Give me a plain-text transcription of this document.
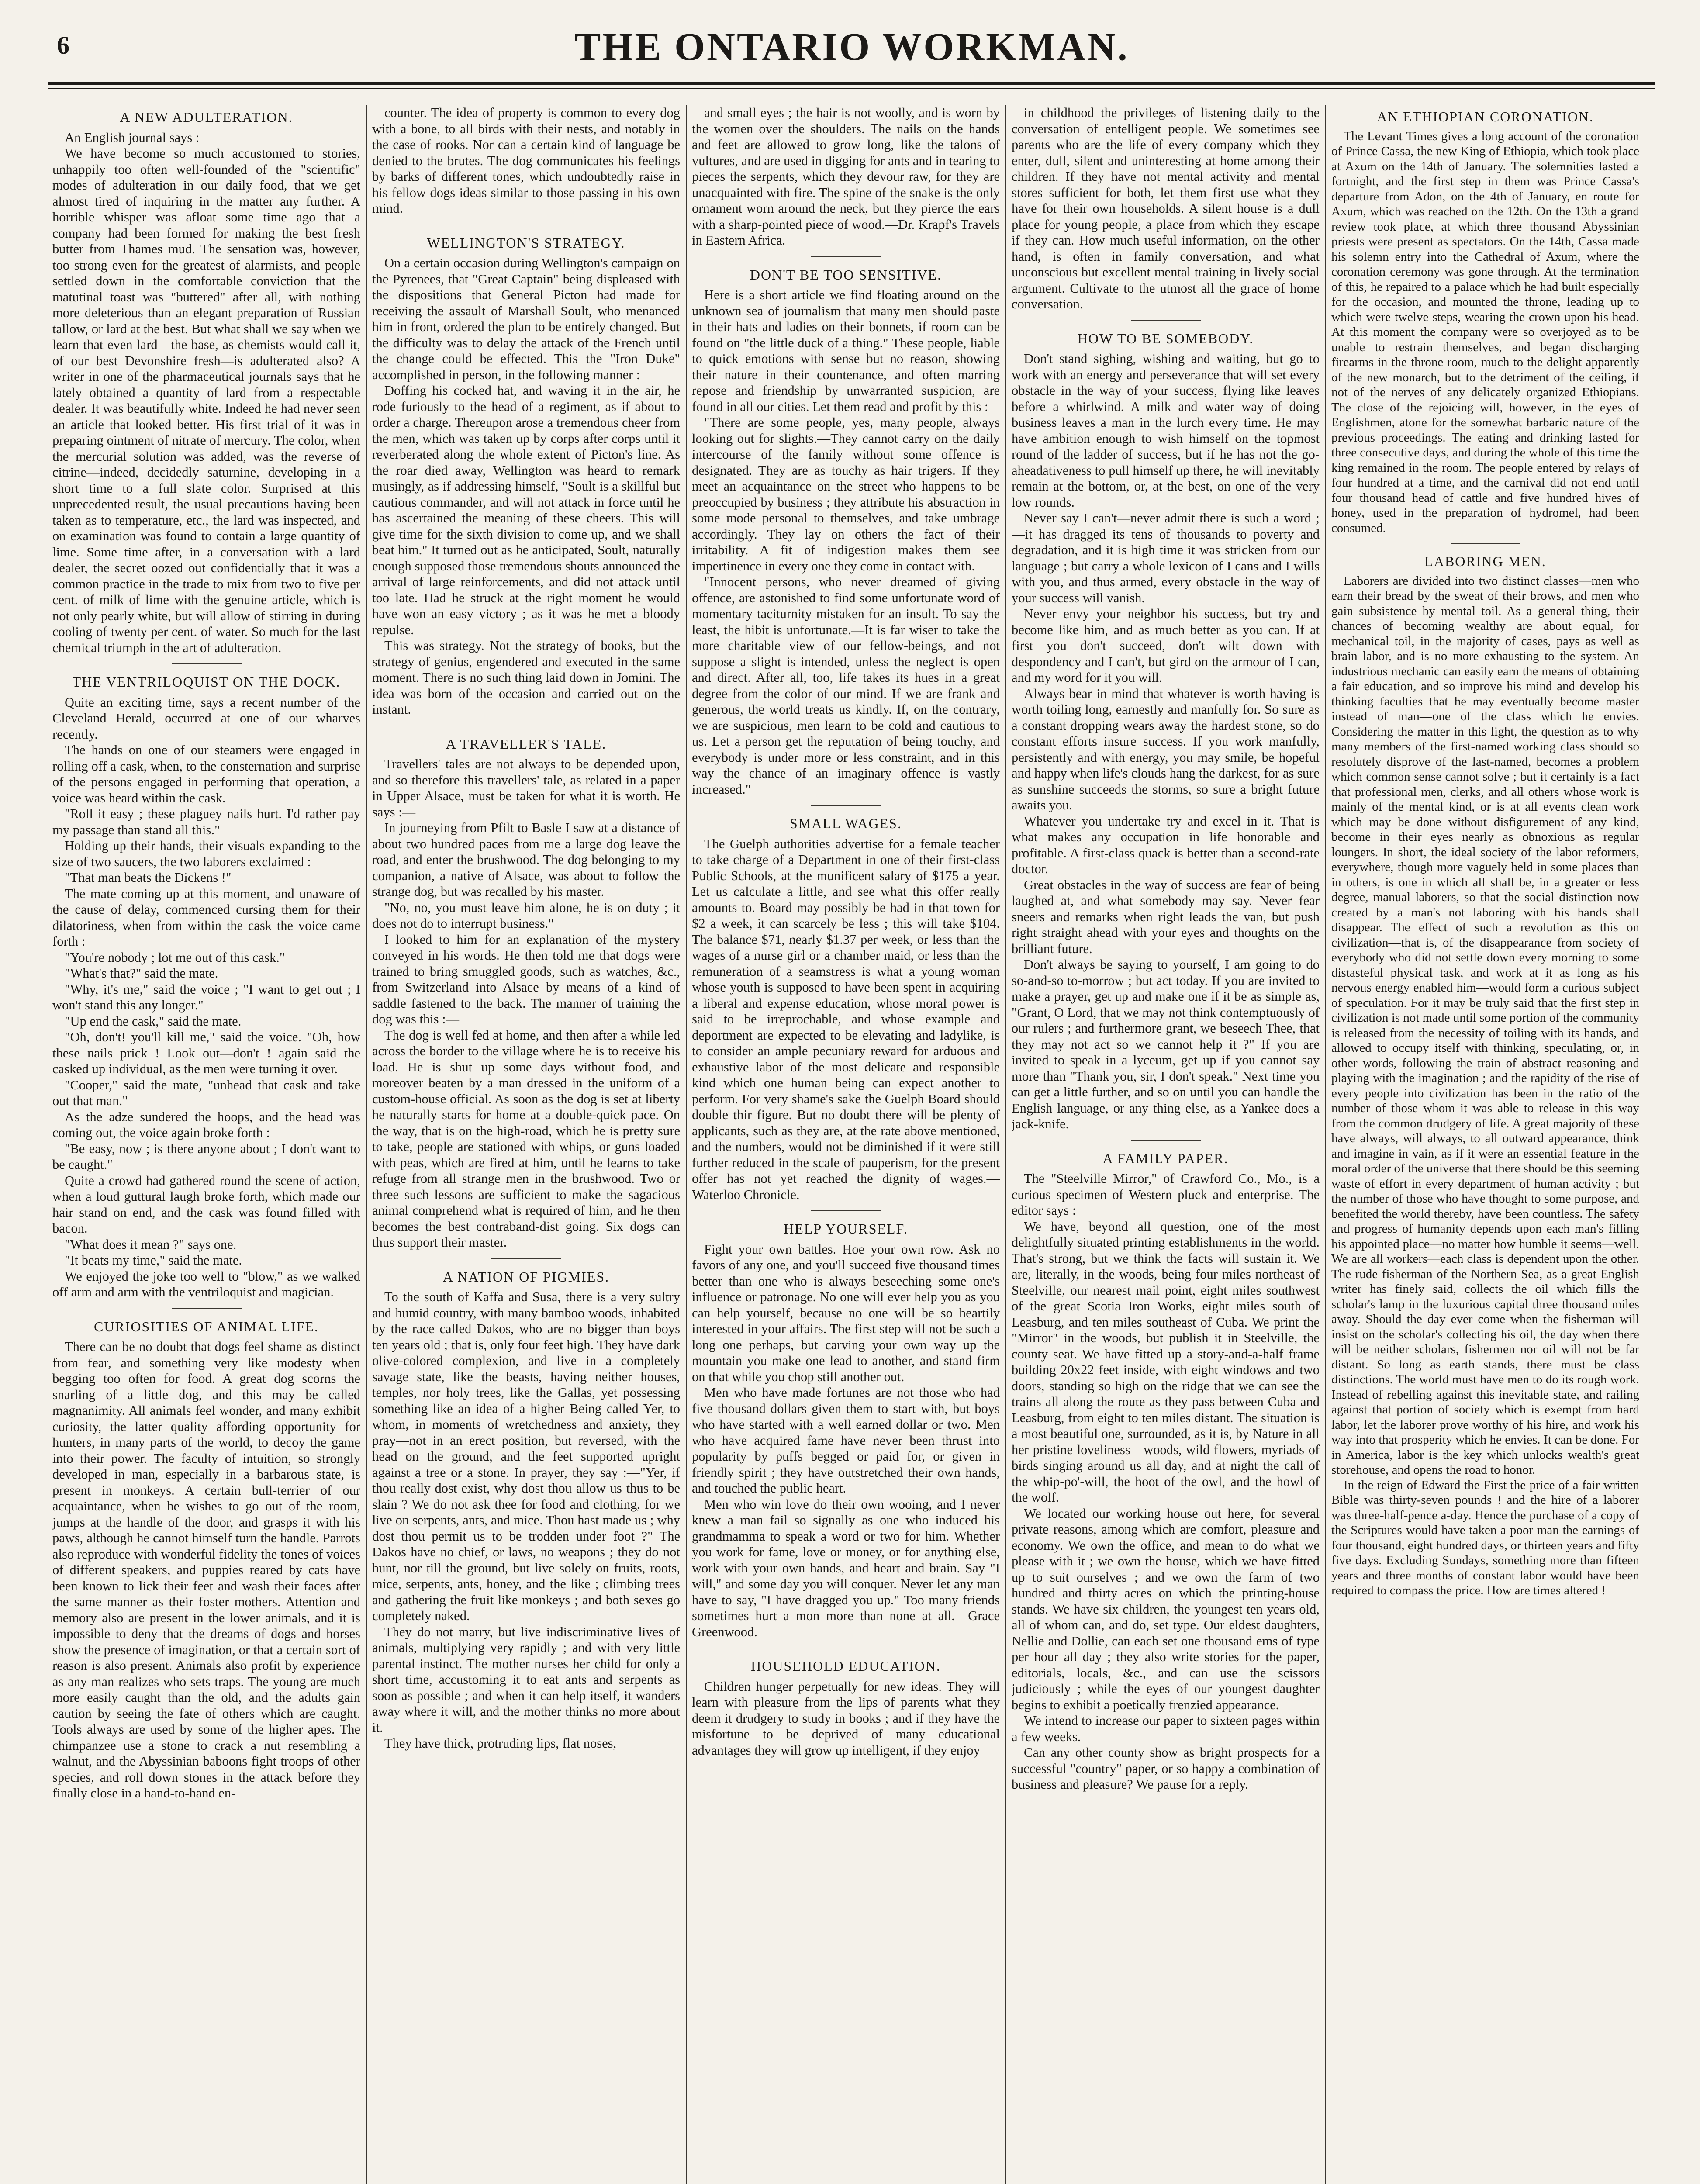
6	THE ONTARIO WORKMAN.
A NEW ADULTERATION.

An English journal says :

We have become so much accustomed to stories, unhappily too often well-founded of the "scientific" modes of adulteration in our daily food, that we get almost tired of inquiring in the matter any further. A horrible whisper was afloat some time ago that a company had been formed for making the best fresh butter from Thames mud. The sensation was, however, too strong even for the greatest of alarmists, and people settled down in the comfortable conviction that the matutinal toast was "buttered" after all, with nothing more deleterious than an elegant preparation of Russian tallow, or lard at the best. But what shall we say when we learn that even lard—the base, as chemists would call it, of our best Devonshire fresh—is adulterated also? A writer in one of the pharmaceutical journals says that he lately obtained a quantity of lard from a respectable dealer. It was beautifully white. Indeed he had never seen an article that looked better. His first trial of it was in preparing ointment of nitrate of mercury. The color, when the mercurial solution was added, was the reverse of citrine—indeed, decidedly saturnine, developing in a short time to a full slate color. Surprised at this unprecedented result, the usual precautions having been taken as to temperature, etc., the lard was inspected, and on examination was found to contain a large quantity of lime. Some time after, in a conversation with a lard dealer, the secret oozed out confidentially that it was a common practice in the trade to mix from two to five per cent. of milk of lime with the genuine article, which is not only pearly white, but will allow of stirring in during cooling of twenty per cent. of water. So much for the last chemical triumph in the art of adulteration.

THE VENTRILOQUIST ON THE DOCK.

Quite an exciting time, says a recent number of the Cleveland Herald, occurred at one of our wharves recently.

The hands on one of our steamers were engaged in rolling off a cask, when, to the consternation and surprise of the persons engaged in performing that operation, a voice was heard within the cask.

"Roll it easy ; these plaguey nails hurt. I'd rather pay my passage than stand all this."

Holding up their hands, their visuals expanding to the size of two saucers, the two laborers exclaimed :

"That man beats the Dickens !"

The mate coming up at this moment, and unaware of the cause of delay, commenced cursing them for their dilatoriness, when from within the cask the voice came forth :

"You're nobody ; lot me out of this cask."

"What's that?" said the mate.

"Why, it's me," said the voice ; "I want to get out ; I won't stand this any longer."

"Up end the cask," said the mate.

"Oh, don't! you'll kill me," said the voice. "Oh, how these nails prick ! Look out—don't ! again said the casked up individual, as the men were turning it over.

"Cooper," said the mate, "unhead that cask and take out that man."

As the adze sundered the hoops, and the head was coming out, the voice again broke forth :

"Be easy, now ; is there anyone about ; I don't want to be caught."

Quite a crowd had gathered round the scene of action, when a loud guttural laugh broke forth, which made our hair stand on end, and the cask was found filled with bacon.

"What does it mean ?" says one.

"It beats my time," said the mate.

We enjoyed the joke too well to "blow," as we walked off arm and arm with the ventriloquist and magician.

CURIOSITIES OF ANIMAL LIFE.

There can be no doubt that dogs feel shame as distinct from fear, and something very like modesty when begging too often for food. A great dog scorns the snarling of a little dog, and this may be called magnanimity. All animals feel wonder, and many exhibit curiosity, the latter quality affording opportunity for hunters, in many parts of the world, to decoy the game into their power. The faculty of intuition, so strongly developed in man, especially in a barbarous state, is present in monkeys. A certain bull-terrier of our acquaintance, when he wishes to go out of the room, jumps at the handle of the door, and grasps it with his paws, although he cannot himself turn the handle. Parrots also reproduce with wonderful fidelity the tones of voices of different speakers, and puppies reared by cats have been known to lick their feet and wash their faces after the same manner as their foster mothers. Attention and memory also are present in the lower animals, and it is impossible to deny that the dreams of dogs and horses show the presence of imagination, or that a certain sort of reason is also present. Animals also profit by experience as any man realizes who sets traps. The young are much more easily caught than the old, and the adults gain caution by seeing the fate of others which are caught. Tools always are used by some of the higher apes. The chimpanzee use a stone to crack a nut resembling a walnut, and the Abyssinian baboons fight troops of other species, and roll down stones in the attack before they finally close in a hand-to-hand en-

counter. The idea of property is common to every dog with a bone, to all birds with their nests, and notably in the case of rooks. Nor can a certain kind of language be denied to the brutes. The dog communicates his feelings by barks of different tones, which undoubtedly raise in his fellow dogs ideas similar to those passing in his own mind.

WELLINGTON'S STRATEGY.

On a certain occasion during Wellington's campaign on the Pyrenees, that "Great Captain" being displeased with the dispositions that General Picton had made for receiving the assault of Marshall Soult, who menanced him in front, ordered the plan to be entirely changed. But the difficulty was to delay the attack of the French until the change could be effected. This the "Iron Duke" accomplished in person, in the following manner :

Doffing his cocked hat, and waving it in the air, he rode furiously to the head of a regiment, as if about to order a charge. Thereupon arose a tremendous cheer from the men, which was taken up by corps after corps until it reverberated along the whole extent of Picton's line. As the roar died away, Wellington was heard to remark musingly, as if addressing himself, "Soult is a skillful but cautious commander, and will not attack in force until he has ascertained the meaning of these cheers. This will give time for the sixth division to come up, and we shall beat him." It turned out as he anticipated, Soult, naturally enough supposed those tremendous shouts announced the arrival of large reinforcements, and did not attack until too late. Had he struck at the right moment he would have won an easy victory ; as it was he met a bloody repulse.

This was strategy. Not the strategy of books, but the strategy of genius, engendered and executed in the same moment. There is no such thing laid down in Jomini. The idea was born of the occasion and carried out on the instant.

A TRAVELLER'S TALE.

Travellers' tales are not always to be depended upon, and so therefore this travellers' tale, as related in a paper in Upper Alsace, must be taken for what it is worth. He says :—

In journeying from Pfilt to Basle I saw at a distance of about two hundred paces from me a large dog leave the road, and enter the brushwood. The dog belonging to my companion, a native of Alsace, was about to follow the strange dog, but was recalled by his master.

"No, no, you must leave him alone, he is on duty ; it does not do to interrupt business."

I looked to him for an explanation of the mystery conveyed in his words. He then told me that dogs were trained to bring smuggled goods, such as watches, &c., from Switzerland into Alsace by means of a kind of saddle fastened to the back. The manner of training the dog was this :—

The dog is well fed at home, and then after a while led across the border to the village where he is to receive his load. He is shut up some days without food, and moreover beaten by a man dressed in the uniform of a custom-house official. As soon as the dog is set at liberty he naturally starts for home at a double-quick pace. On the way, that is on the high-road, which he is pretty sure to take, people are stationed with whips, or guns loaded with peas, which are fired at him, until he learns to take refuge from all strange men in the brushwood. Two or three such lessons are sufficient to make the sagacious animal comprehend what is required of him, and he then becomes the best contraband-dist going. Six dogs can thus support their master.

A NATION OF PIGMIES.

To the south of Kaffa and Susa, there is a very sultry and humid country, with many bamboo woods, inhabited by the race called Dakos, who are no bigger than boys ten years old ; that is, only four feet high. They have dark olive-colored complexion, and live in a completely savage state, like the beasts, having neither houses, temples, nor holy trees, like the Gallas, yet possessing something like an idea of a higher Being called Yer, to whom, in moments of wretchedness and anxiety, they pray—not in an erect position, but reversed, with the head on the ground, and the feet supported upright against a tree or a stone. In prayer, they say :—"Yer, if thou really dost exist, why dost thou allow us thus to be slain ? We do not ask thee for food and clothing, for we live on serpents, ants, and mice. Thou hast made us ; why dost thou permit us to be trodden under foot ?" The Dakos have no chief, or laws, no weapons ; they do not hunt, nor till the ground, but live solely on fruits, roots, mice, serpents, ants, honey, and the like ; climbing trees and gathering the fruit like monkeys ; and both sexes go completely naked.

They do not marry, but live indiscriminative lives of animals, multiplying very rapidly ; and with very little parental instinct. The mother nurses her child for only a short time, accustoming it to eat ants and serpents as soon as possible ; and when it can help itself, it wanders away where it will, and the mother thinks no more about it.

They have thick, protruding lips, flat noses,

and small eyes ; the hair is not woolly, and is worn by the women over the shoulders. The nails on the hands and feet are allowed to grow long, like the talons of vultures, and are used in digging for ants and in tearing to pieces the serpents, which they devour raw, for they are unacquainted with fire. The spine of the snake is the only ornament worn around the neck, but they pierce the ears with a sharp-pointed piece of wood.—Dr. Krapf's Travels in Eastern Africa.

DON'T BE TOO SENSITIVE.

Here is a short article we find floating around on the unknown sea of journalism that many men should paste in their hats and ladies on their bonnets, if room can be found on "the little duck of a thing." These people, liable to quick emotions with sense but no reason, showing their nature in their countenance, and often marring repose and friendship by unwarranted suspicion, are found in all our cities. Let them read and profit by this :

"There are some people, yes, many people, always looking out for slights.—They cannot carry on the daily intercourse of the family without some offence is designated. They are as touchy as hair trigers. If they meet an acquaintance on the street who happens to be preoccupied by business ; they attribute his abstraction in some mode personal to themselves, and take umbrage accordingly. They lay on others the fact of their irritability. A fit of indigestion makes them see impertinence in every one they come in contact with.

"Innocent persons, who never dreamed of giving offence, are astonished to find some unfortunate word of momentary taciturnity mistaken for an insult. To say the least, the hibit is unfortunate.—It is far wiser to take the more charitable view of our fellow-beings, and not suppose a slight is intended, unless the neglect is open and direct. After all, too, life takes its hues in a great degree from the color of our mind. If we are frank and generous, the world treats us kindly. If, on the contrary, we are suspicious, men learn to be cold and cautious to us. Let a person get the reputation of being touchy, and everybody is under more or less constraint, and in this way the chance of an imaginary offence is vastly increased."

SMALL WAGES.

The Guelph authorities advertise for a female teacher to take charge of a Department in one of their first-class Public Schools, at the munificent salary of $175 a year. Let us calculate a little, and see what this offer really amounts to. Board may possibly be had in that town for $2 a week, it can scarcely be less ; this will take $104. The balance $71, nearly $1.37 per week, or less than the wages of a nurse girl or a chamber maid, or less than the remuneration of a seamstress is what a young woman whose youth is supposed to have been spent in acquiring a liberal and expense education, whose moral power is said to be irreprochable, and whose example and deportment are expected to be elevating and ladylike, is to consider an ample pecuniary reward for arduous and exhaustive labor of the most delicate and responsible kind which one human being can expect another to perform. For very shame's sake the Guelph Board should double thir figure. But no doubt there will be plenty of applicants, such as they are, at the rate above mentioned, and the numbers, would not be diminished if it were still further reduced in the scale of pauperism, for the present offer has not yet reached the dignity of wages.—Waterloo Chronicle.

HELP YOURSELF.

Fight your own battles. Hoe your own row. Ask no favors of any one, and you'll succeed five thousand times better than one who is always beseeching some one's influence or patronage. No one will ever help you as you can help yourself, because no one will be so heartily interested in your affairs. The first step will not be such a long one perhaps, but carving your own way up the mountain you make one lead to another, and stand firm on that while you chop still another out.

Men who have made fortunes are not those who had five thousand dollars given them to start with, but boys who have started with a well earned dollar or two. Men who have acquired fame have never been thrust into popularity by puffs begged or paid for, or given in friendly spirit ; they have outstretched their own hands, and touched the public heart.

Men who win love do their own wooing, and I never knew a man fail so signally as one who induced his grandmamma to speak a word or two for him. Whether you work for fame, love or money, or for anything else, work with your own hands, and heart and brain. Say "I will," and some day you will conquer. Never let any man have to say, "I have dragged you up." Too many friends sometimes hurt a mon more than none at all.—Grace Greenwood.

HOUSEHOLD EDUCATION.

Children hunger perpetually for new ideas. They will learn with pleasure from the lips of parents what they deem it drudgery to study in books ; and if they have the misfortune to be deprived of many educational advantages they will grow up intelligent, if they enjoy

in childhood the privileges of listening daily to the conversation of entelligent people. We sometimes see parents who are the life of every company which they enter, dull, silent and uninteresting at home among their children. If they have not mental activity and mental stores sufficient for both, let them first use what they have for their own households. A silent house is a dull place for young people, a place from which they escape if they can. How much useful information, on the other hand, is often in family conversation, and what unconscious but excellent mental training in lively social argument. Cultivate to the utmost all the grace of home conversation.

HOW TO BE SOMEBODY.

Don't stand sighing, wishing and waiting, but go to work with an energy and perseverance that will set every obstacle in the way of your success, flying like leaves before a whirlwind. A milk and water way of doing business leaves a man in the lurch every time. He may have ambition enough to wish himself on the topmost round of the ladder of success, but if he has not the go-aheadativeness to pull himself up there, he will inevitably remain at the bottom, or, at the best, on one of the very low rounds.

Never say I can't—never admit there is such a word ;—it has dragged its tens of thousands to poverty and degradation, and it is high time it was stricken from our language ; but carry a whole lexicon of I cans and I wills with you, and thus armed, every obstacle in the way of your success will vanish.

Never envy your neighbor his success, but try and become like him, and as much better as you can. If at first you don't succeed, don't wilt down with despondency and I can't, but gird on the armour of I can, and my word for it you will.

Always bear in mind that whatever is worth having is worth toiling long, earnestly and manfully for. So sure as a constant dropping wears away the hardest stone, so do constant efforts insure success. If you work manfully, persistently and with energy, you may smile, be hopeful and happy when life's clouds hang the darkest, for as sure as sunshine succeeds the storms, so sure a bright future awaits you.

Whatever you undertake try and excel in it. That is what makes any occupation in life honorable and profitable. A first-class quack is better than a second-rate doctor.

Great obstacles in the way of success are fear of being laughed at, and what somebody may say. Never fear sneers and remarks when right leads the van, but push right straight ahead with your eyes and thoughts on the brilliant future.

Don't always be saying to yourself, I am going to do so-and-so to-morrow ; but act today. If you are invited to make a prayer, get up and make one if it be as simple as, "Grant, O Lord, that we may not think contemptuously of our rulers ; and furthermore grant, we beseech Thee, that they may not act so we cannot help it ?" If you are invited to speak in a lyceum, get up if you cannot say more than "Thank you, sir, I don't speak." Next time you can get a little further, and so on until you can handle the English language, or any thing else, as a Yankee does a jack-knife.

A FAMILY PAPER.

The "Steelville Mirror," of Crawford Co., Mo., is a curious specimen of Western pluck and enterprise. The editor says :

We have, beyond all question, one of the most delightfully situated printing establishments in the world. That's strong, but we think the facts will sustain it. We are, literally, in the woods, being four miles northeast of Steelville, our nearest mail point, eight miles southwest of the great Scotia Iron Works, eight miles south of Leasburg, and ten miles southeast of Cuba. We print the "Mirror" in the woods, but publish it in Steelville, the county seat. We have fitted up a story-and-a-half frame building 20x22 feet inside, with eight windows and two doors, standing so high on the ridge that we can see the trains all along the route as they pass between Cuba and Leasburg, from eight to ten miles distant. The situation is a most beautiful one, surrounded, as it is, by Nature in all her pristine loveliness—woods, wild flowers, myriads of birds singing around us all day, and at night the call of the whip-po'-will, the hoot of the owl, and the howl of the wolf.

We located our working house out here, for several private reasons, among which are comfort, pleasure and economy. We own the office, and mean to do what we please with it ; we own the house, which we have fitted up to suit ourselves ; and we own the farm of two hundred and thirty acres on which the printing-house stands. We have six children, the youngest ten years old, all of whom can, and do, set type. Our eldest daughters, Nellie and Dollie, can each set one thousand ems of type per hour all day ; they also write stories for the paper, editorials, locals, &c., and can use the scissors judiciously ; while the eyes of our youngest daughter begins to exhibit a poetically frenzied appearance.

We intend to increase our paper to sixteen pages within a few weeks.

Can any other county show as bright prospects for a successful "country" paper, or so happy a combination of business and pleasure? We pause for a reply.

AN ETHIOPIAN CORONATION.

The Levant Times gives a long account of the coronation of Prince Cassa, the new King of Ethiopia, which took place at Axum on the 14th of January. The solemnities lasted a fortnight, and the first step in them was Prince Cassa's departure from Adon, on the 4th of January, en route for Axum, which was reached on the 12th. On the 13th a grand review took place, at which three thousand Abyssinian priests were present as spectators. On the 14th, Cassa made his solemn entry into the Cathedral of Axum, where the coronation ceremony was gone through. At the termination of this, he repaired to a palace which he had built especially for the occasion, and mounted the throne, leading up to which were twelve steps, wearing the crown upon his head. At this moment the company were so overjoyed as to be unable to restrain themselves, and began discharging firearms in the throne room, much to the delight apparently of the new monarch, but to the detriment of the ceiling, if not of the nerves of any delicately organized Ethiopians. The close of the rejoicing will, however, in the eyes of Englishmen, atone for the somewhat barbaric nature of the previous proceedings. The eating and drinking lasted for three consecutive days, and during the whole of this time the king remained in the room. The people entered by relays of four hundred at a time, and the carnival did not end until four thousand head of cattle and five hundred hives of honey, used in the preparation of hydromel, had been consumed.

LABORING MEN.

Laborers are divided into two distinct classes—men who earn their bread by the sweat of their brows, and men who gain subsistence by mental toil. As a general thing, their chances of becoming wealthy are about equal, for mechanical toil, in the majority of cases, pays as well as brain labor, and is no more exhausting to the system. An industrious mechanic can easily earn the means of obtaining a fair education, and so improve his mind and develop his thinking faculties that he may eventually become master instead of man—one of the class which he envies. Considering the matter in this light, the question as to why many members of the first-named working class should so resolutely disprove of the last-named, becomes a problem which common sense cannot solve ; but it certainly is a fact that professional men, clerks, and all others whose work is mainly of the mental kind, or is at all events clean work which may be done without disfigurement of any kind, become in their eyes nearly as obnoxious as regular loungers. In short, the ideal society of the labor reformers, everywhere, though more vaguely held in some places than in others, is one in which all shall be, in a greater or less degree, manual laborers, so that the social distinction now created by a man's not laboring with his hands shall disappear. The effect of such a revolution as this on civilization—that is, of the disappearance from society of everybody who did not settle down every morning to some distasteful physical task, and work at it as long as his nervous energy enabled him—would form a curious subject of speculation. For it may be truly said that the first step in civilization is not made until some portion of the community is released from the necessity of toiling with its hands, and allowed to occupy itself with thinking, speculating, or, in other words, following the train of abstract reasoning and playing with the imagination ; and the rapidity of the rise of every people into civilization has been in the ratio of the number of those whom it was able to release in this way from the common drudgery of life. A great majority of these have always, will always, to all outward appearance, think and imagine in vain, as if it were an essential feature in the moral order of the universe that there should be this seeming waste of effort in every department of human activity ; but the number of those who have thought to some purpose, and benefited the world thereby, have been countless. The safety and progress of humanity depends upon each man's filling his appointed place—no matter how humble it seems—well. We are all workers—each class is dependent upon the other. The rude fisherman of the Northern Sea, as a great English writer has finely said, collects the oil which fills the scholar's lamp in the luxurious capital three thousand miles away. Should the day ever come when the fisherman will insist on the scholar's collecting his oil, the day when there will be neither scholars, fishermen nor oil will not be far distant. So long as earth stands, there must be class distinctions. The world must have men to do its rough work. Instead of rebelling against this inevitable state, and railing against that portion of society which is exempt from hard labor, let the laborer prove worthy of his hire, and work his way into that prosperity which he envies. It can be done. For in America, labor is the key which unlocks wealth's great storehouse, and opens the road to honor.

In the reign of Edward the First the price of a fair written Bible was thirty-seven pounds ! and the hire of a laborer was three-half-pence a-day. Hence the purchase of a copy of the Scriptures would have taken a poor man the earnings of four thousand, eight hundred days, or thirteen years and fifty five days. Excluding Sundays, something more than fifteen years and three months of constant labor would have been required to compass the price. How are times altered !
